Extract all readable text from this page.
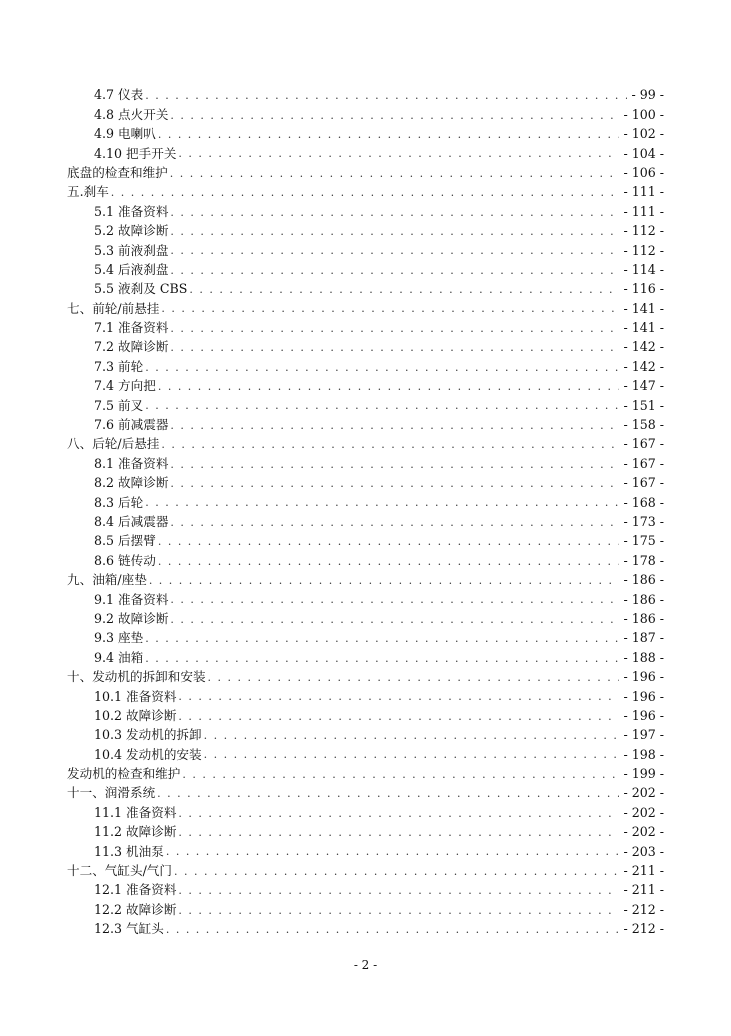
4.7 仪表 . . .	- 99 -
4.8 点火开关 . . .	- 100 -
4.9 电喇叭 . . .	- 102 -
4.10 把手开关 . . .	- 104 -
底盘的检查和维护 . . .	- 106 -
五.刹车 . . .	- 111 -
5.1 准备资料 . . .	- 111 -
5.2 故障诊断 . . .	- 112 -
5.3 前液刹盘 . . .	- 112 -
5.4 后液刹盘 . . .	- 114 -
5.5 液刹及 CBS . . .	- 116 -
七、前轮/前悬挂 . . .	- 141 -
7.1 准备资料 . . .	- 141 -
7.2 故障诊断 . . .	- 142 -
7.3 前轮 . . .	- 142 -
7.4 方向把 . . .	- 147 -
7.5 前叉 . . .	- 151 -
7.6 前减震器 . . .	- 158 -
八、后轮/后悬挂 . . .	- 167 -
8.1 准备资料 . . .	- 167 -
8.2 故障诊断 . . .	- 167 -
8.3 后轮 . . .	- 168 -
8.4 后减震器 . . .	- 173 -
8.5 后摆臂 . . .	- 175 -
8.6 链传动 . . .	- 178 -
九、油箱/座垫 . . .	- 186 -
9.1 准备资料 . . .	- 186 -
9.2 故障诊断 . . .	- 186 -
9.3 座垫 . . .	- 187 -
9.4 油箱 . . .	- 188 -
十、发动机的拆卸和安装 . . .	- 196 -
10.1 准备资料 . . .	- 196 -
10.2 故障诊断 . . .	- 196 -
10.3 发动机的拆卸 . . .	- 197 -
10.4 发动机的安装 . . .	- 198 -
发动机的检查和维护 . . .	- 199 -
十一、润滑系统 . . .	- 202 -
11.1 准备资料 . . .	- 202 -
11.2 故障诊断 . . .	- 202 -
11.3 机油泵 . . .	- 203 -
十二、气缸头/气门 . . .	- 211 -
12.1 准备资料 . . .	- 211 -
12.2 故障诊断 . . .	- 212 -
12.3 气缸头 . . .	- 212 -
- 2 -
